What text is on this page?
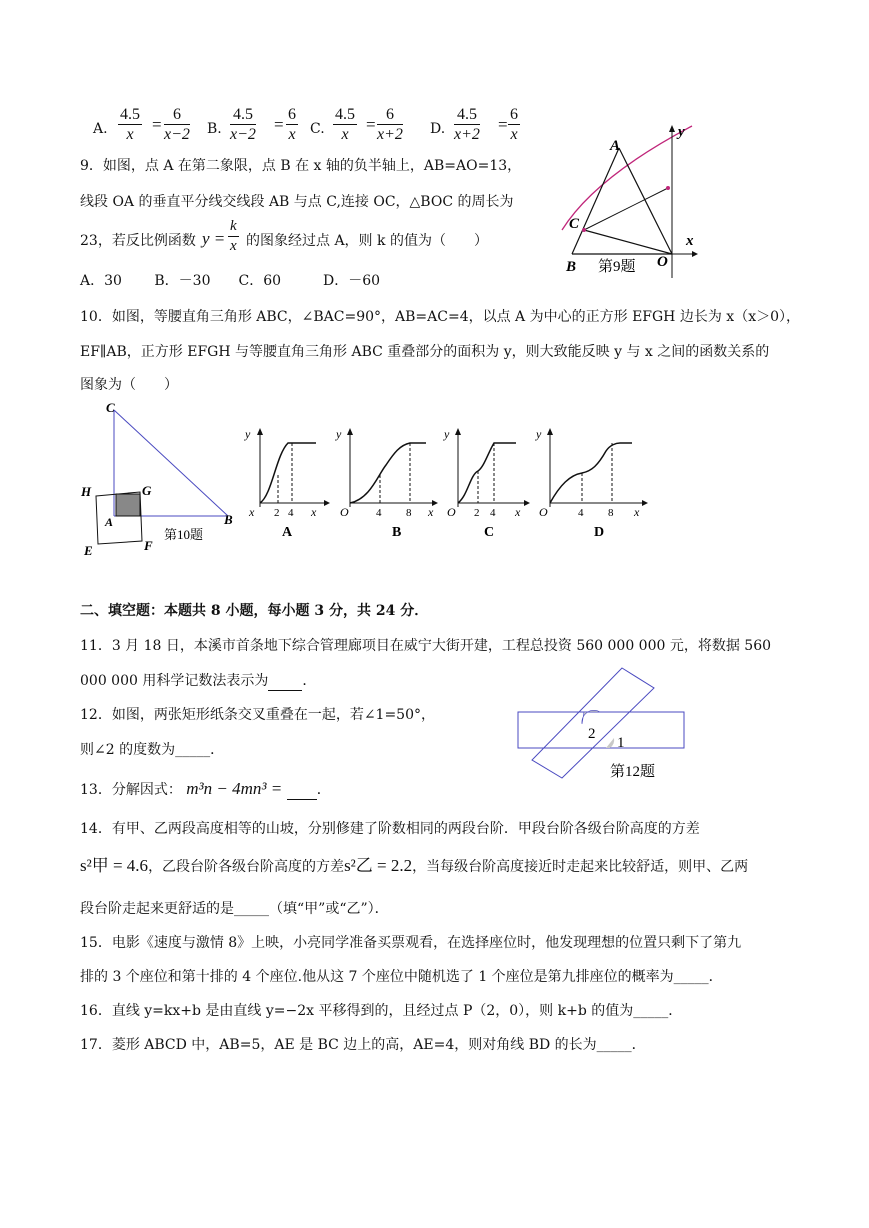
A. $\frac{4.5}{x} = \frac{6}{x-2} B$. $\frac{4.5}{x-2} = \frac{6}{x} C$. $\frac{4.5}{x} = \frac{6}{x+2} D$. $\frac{4.5}{x+2} = \frac{6}{x}$
9．如图，点 A 在第二象限，点 B 在 x 轴的负半轴上，AB=AO=13，
线段 OA 的垂直平分线交线段 AB 与点 C,连接 OC，△BOC 的周长为
23，若反比例函数 $y = \frac{k}{x}$ 的图象经过点 A，则 k 的值为（　　）
A．30　　 B．－30　　C．60　　　D．－60
A
C
B	O
x
y
第9题
10．如图，等腰直角三角形 ABC，∠BAC=90°，AB=AC=4，以点 A 为中心的正方形 EFGH 边长为 x（x＞0），
EF∥AB，正方形 EFGH 与等腰直角三角形 ABC 重叠部分的面积为 y，则大致能反映 y 与 x 之间的函数关系的
图象为（　　）
C
H	G
A	B
E	F
第10题
y
x 2 4 x
A
y
O 4 8 x
B
y
O 2 4 x
C
y
O	4 8 x
D
二、填空题：本题共 8 小题，每小题 3 分，共 24 分．
11．3 月 18 日，本溪市首条地下综合管理廊项目在威宁大街开建，工程总投资 560 000 000 元，将数据 560
000 000 用科学记数法表示为 ．
12．如图，两张矩形纸条交叉重叠在一起，若∠1=50°，
则∠2 的度数为_____．
2
1
第12题
13．分解因式： m³n − 4mn³ = ．
14．有甲、乙两段高度相等的山坡，分别修建了阶数相同的两段台阶．甲段台阶各级台阶高度的方差
s²甲 = 4.6，乙段台阶各级台阶高度的方差s²乙 = 2.2，当每级台阶高度接近时走起来比较舒适，则甲、乙两
段台阶走起来更舒适的是_____（填“甲”或“乙”）．
15．电影《速度与激情 8》上映，小亮同学准备买票观看，在选择座位时，他发现理想的位置只剩下了第九
排的 3 个座位和第十排的 4 个座位.他从这 7 个座位中随机选了 1 个座位是第九排座位的概率为_____．
16．直线 y=kx+b 是由直线 y=−2x 平移得到的，且经过点 P（2，0），则 k+b 的值为_____．
17．菱形 ABCD 中，AB=5，AE 是 BC 边上的高，AE=4，则对角线 BD 的长为_____．
